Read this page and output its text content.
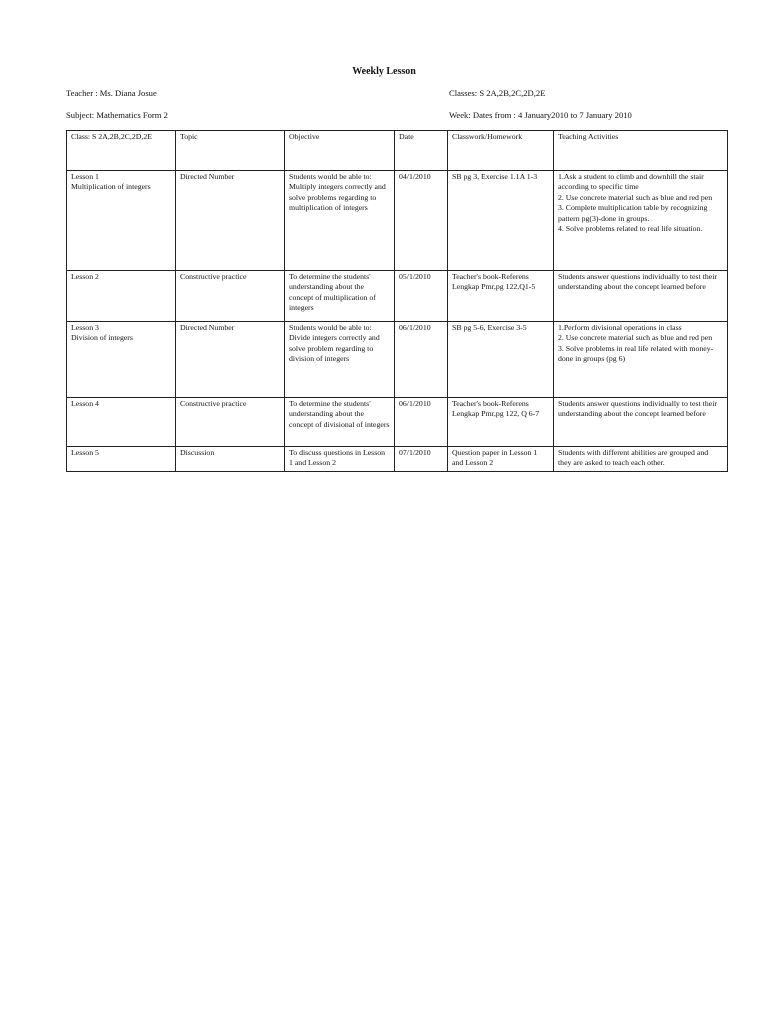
Weekly Lesson
Teacher : Ms. Diana Josue	Classes: S 2A,2B,2C,2D,2E
Subject: Mathematics Form 2	Week: Dates from : 4 January2010 to 7 January 2010
Class: S 2A,2B,2C,2D,2E	Topic	Objective	Date	Classwork/Homework	Teaching Activities

Lesson 1
Multiplication of integers	Directed Number	Students would be able to: Multiply integers correctly and solve problems regarding to multiplication of integers	04/1/2010	SB pg 3, Exercise 1.1A 1-3	1.Ask a student to climb and downhill the stair according to specific time
2. Use concrete material such as blue and red pen
3. Complete multiplication table by recognizing pattern pg(3)-done in groups.
4. Solve problems related to real life situation.

Lesson 2	Constructive practice	To determine the students' understanding about the concept of multiplication of integers	05/1/2010	Teacher's book-Referens Lengkap Pmr,pg 122,Q1-5	Students answer questions individually to test their understanding about the concept learned before

Lesson 3
Division of integers	Directed Number	Students would be able to: Divide integers correctly and solve problem regarding to division of integers	06/1/2010	SB pg 5-6, Exercise 3-5	1.Perform divisional operations in class
2. Use concrete material such as blue and red pen
3. Solve problems in real life related with money-done in groups (pg 6)

Lesson 4	Constructive practice	To determine the students' understanding about the concept of divisional of integers	06/1/2010	Teacher's book-Referens Lengkap Pmr,pg 122, Q 6-7	Students answer questions individually to test their understanding about the concept learned before

Lesson 5	Discussion	To discuss questions in Lesson 1 and Lesson 2	07/1/2010	Question paper in Lesson 1 and Lesson 2	Students with different abilities are grouped and they are asked to teach each other.
